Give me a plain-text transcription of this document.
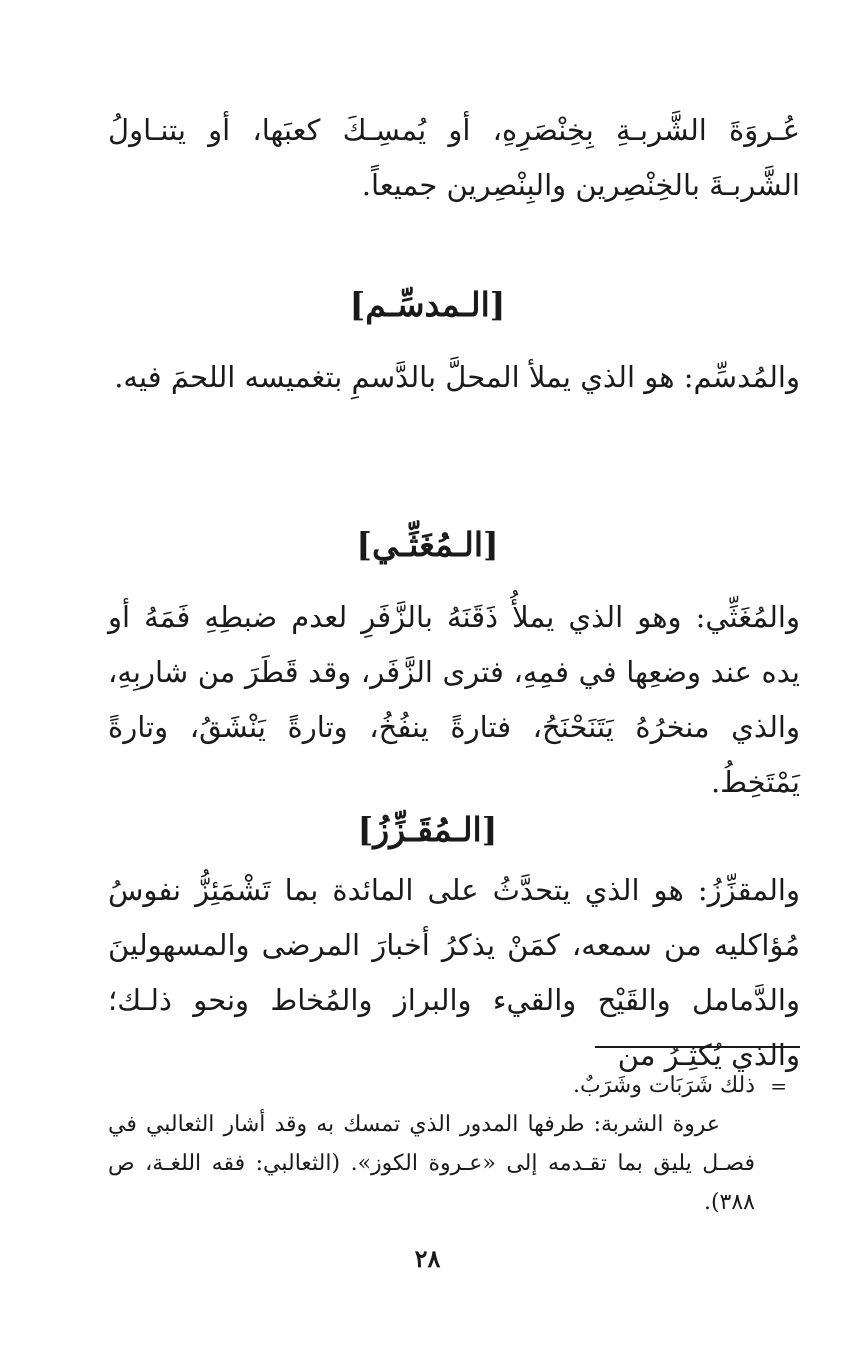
عُـروَةَ الشَّربـةِ بِخِنْصَرِهِ، أو يُمسِـكَ كعبَها، أو يتنـاولُ الشَّربـةَ بالخِنْصِرين والبِنْصِرين جميعاً.

[الـمدسِّـم]

والمُدسِّم: هو الذي يملأ المحلَّ بالدَّسمِ بتغميسه اللحمَ فيه.

[الـمُغَثِّـي]

والمُغَثِّي: وهو الذي يملأُ ذَقَنَهُ بالزَّفَرِ لعدم ضبطِهِ فَمَهُ أو يده عند وضعِها في فمِهِ، فترى الزَّفَر، وقد قَطَرَ من شاربِهِ، والذي منخرُهُ يَتَنَحْنَحُ، فتارةً ينفُخُ، وتارةً يَنْشَقُ، وتارةً يَمْتَخِطُ.

[الـمُقَـزِّزُ]

والمقزِّزُ: هو الذي يتحدَّثُ على المائدة بما تَشْمَئِزُّ نفوسُ مُؤاكليه من سمعه، كمَنْ يذكرُ أخبارَ المرضى والمسهولينَ والدَّمامل والقَيْح والقيء والبراز والمُخاط ونحو ذلـك؛ والذي يُكثِـرُ من

=

ذلك شَرَبَات وشَرَبٌ.

عروة الشربة: طرفها المدور الذي تمسك به وقد أشار الثعالبي في فصـل يليق بما تقـدمه إلى «عـروة الكوز». (الثعالبي: فقه اللغـة، ص ٣٨٨).

٢٨
